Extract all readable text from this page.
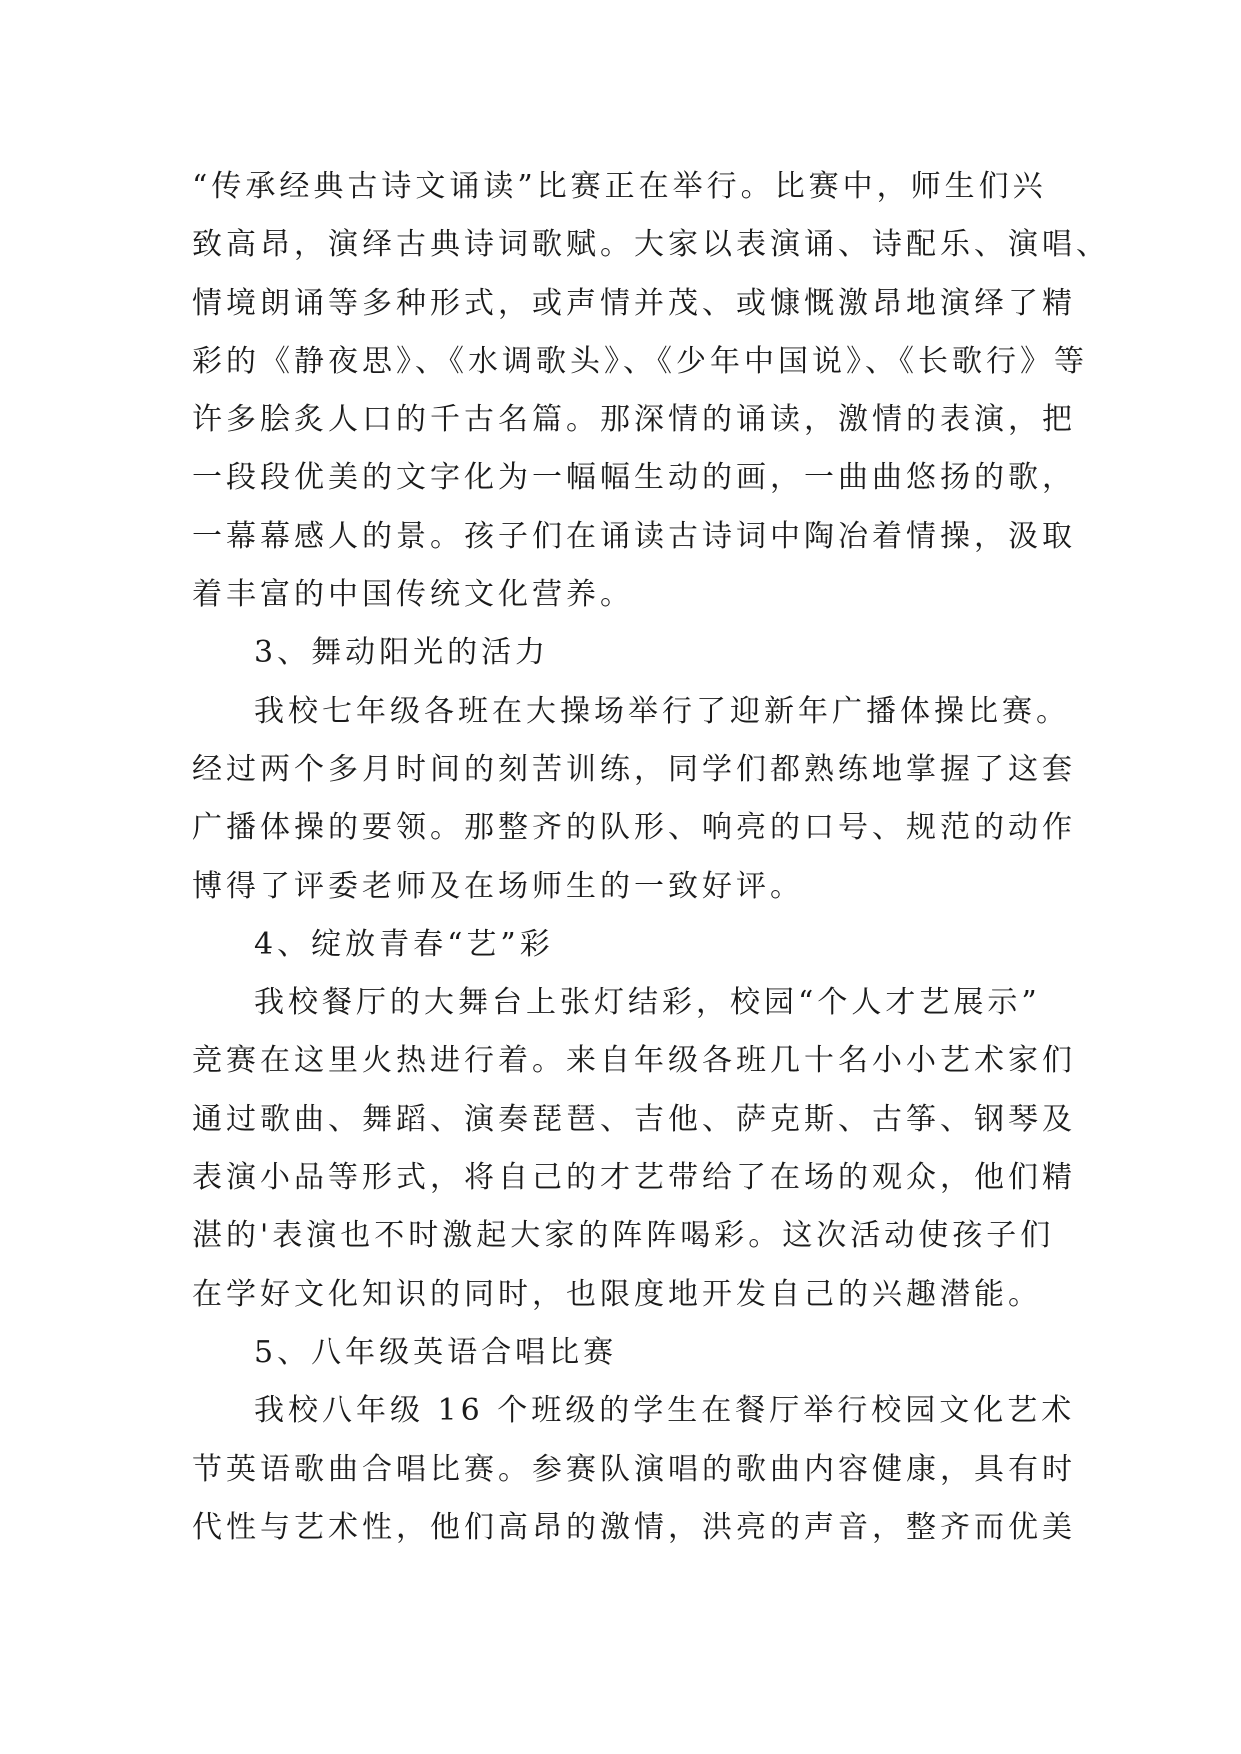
“传承经典古诗文诵读”比赛正在举行。比赛中，师生们兴
致高昂，演绎古典诗词歌赋。大家以表演诵、诗配乐、演唱、
情境朗诵等多种形式，或声情并茂、或慷慨激昂地演绎了精
彩的《静夜思》、《水调歌头》、《少年中国说》、《长歌行》等
许多脍炙人口的千古名篇。那深情的诵读，激情的表演，把
一段段优美的文字化为一幅幅生动的画，一曲曲悠扬的歌，
一幕幕感人的景。孩子们在诵读古诗词中陶冶着情操，汲取
着丰富的中国传统文化营养。
3、舞动阳光的活力
我校七年级各班在大操场举行了迎新年广播体操比赛。
经过两个多月时间的刻苦训练，同学们都熟练地掌握了这套
广播体操的要领。那整齐的队形、响亮的口号、规范的动作
博得了评委老师及在场师生的一致好评。
4、绽放青春“艺”彩
我校餐厅的大舞台上张灯结彩，校园“个人才艺展示”
竞赛在这里火热进行着。来自年级各班几十名小小艺术家们
通过歌曲、舞蹈、演奏琵琶、吉他、萨克斯、古筝、钢琴及
表演小品等形式，将自己的才艺带给了在场的观众，他们精
湛的'表演也不时激起大家的阵阵喝彩。这次活动使孩子们
在学好文化知识的同时，也限度地开发自己的兴趣潜能。
5、八年级英语合唱比赛
我校八年级 16 个班级的学生在餐厅举行校园文化艺术
节英语歌曲合唱比赛。参赛队演唱的歌曲内容健康，具有时
代性与艺术性，他们高昂的激情，洪亮的声音，整齐而优美
